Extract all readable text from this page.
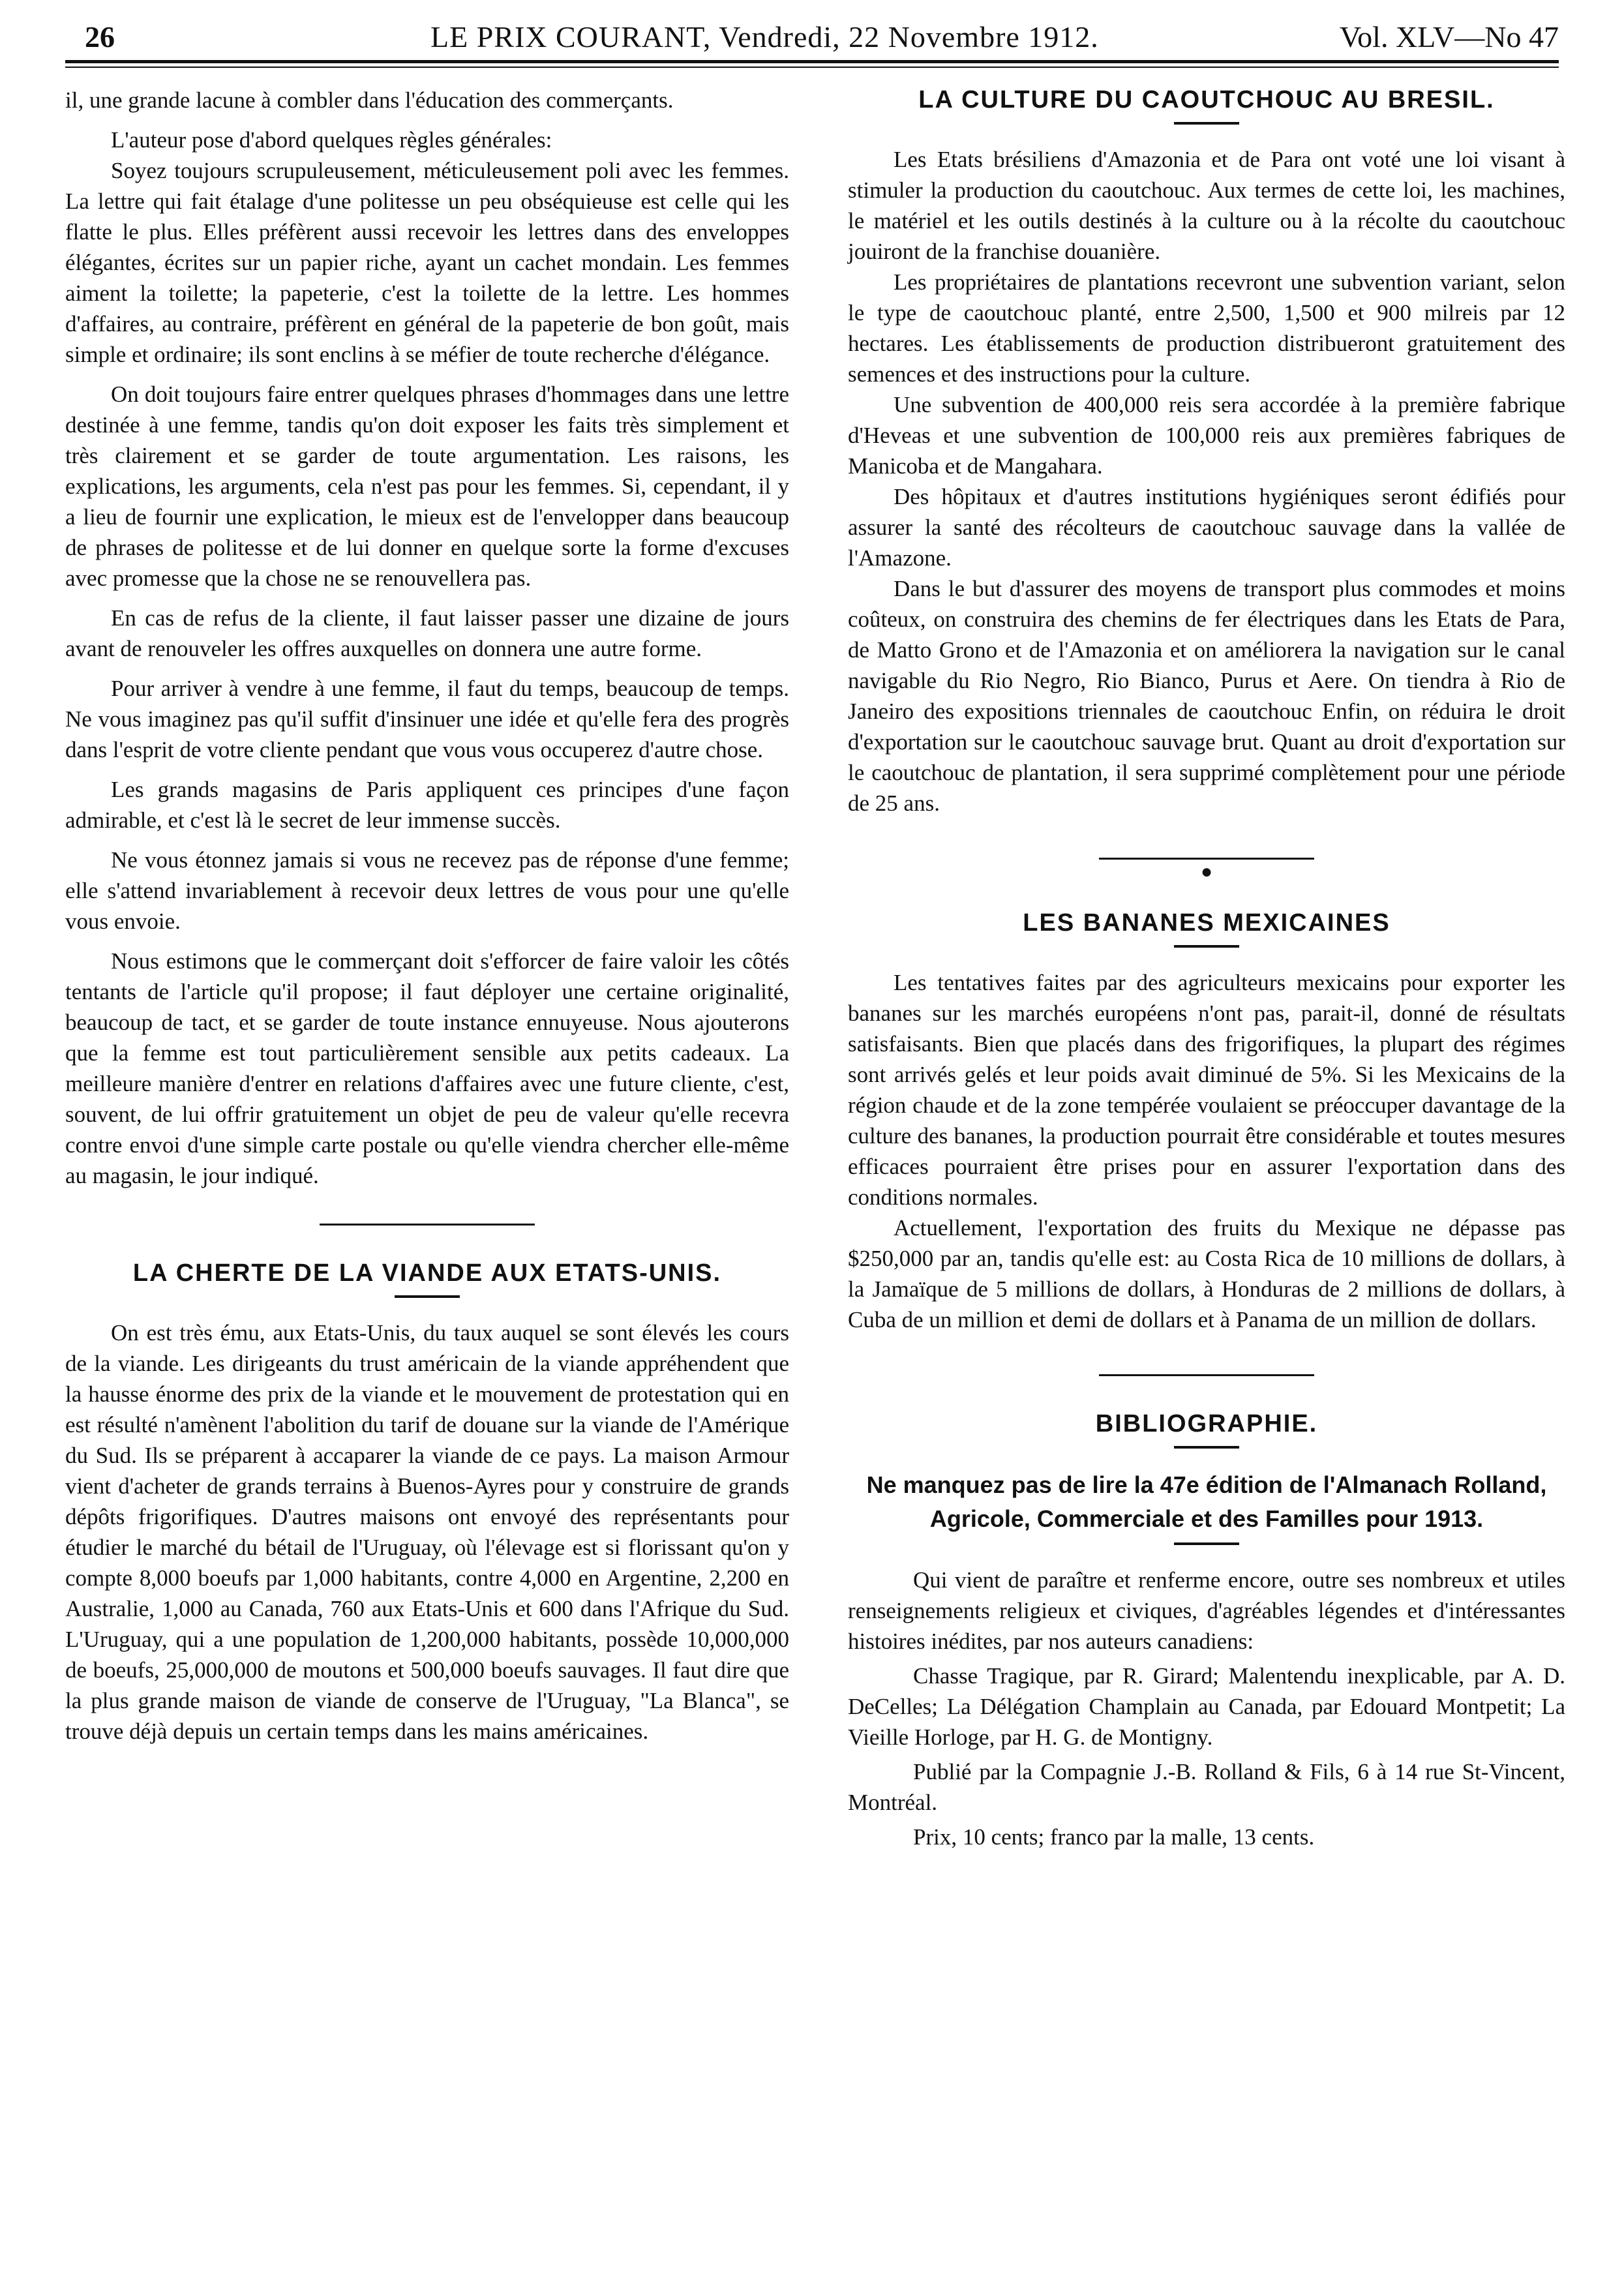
26	LE PRIX COURANT, Vendredi, 22 Novembre 1912.	Vol. XLV—No 47

il, une grande lacune à combler dans l'éducation des commerçants.

L'auteur pose d'abord quelques règles générales:

Soyez toujours scrupuleusement, méticuleusement poli avec les femmes. La lettre qui fait étalage d'une politesse un peu obséquieuse est celle qui les flatte le plus. Elles préfèrent aussi recevoir les lettres dans des enveloppes élégantes, écrites sur un papier riche, ayant un cachet mondain. Les femmes aiment la toilette; la papeterie, c'est la toilette de la lettre. Les hommes d'affaires, au contraire, préfèrent en général de la papeterie de bon goût, mais simple et ordinaire; ils sont enclins à se méfier de toute recherche d'élégance.

On doit toujours faire entrer quelques phrases d'hommages dans une lettre destinée à une femme, tandis qu'on doit exposer les faits très simplement et très clairement et se garder de toute argumentation. Les raisons, les explications, les arguments, cela n'est pas pour les femmes. Si, cependant, il y a lieu de fournir une explication, le mieux est de l'envelopper dans beaucoup de phrases de politesse et de lui donner en quelque sorte la forme d'excuses avec promesse que la chose ne se renouvellera pas.

En cas de refus de la cliente, il faut laisser passer une dizaine de jours avant de renouveler les offres auxquelles on donnera une autre forme.

Pour arriver à vendre à une femme, il faut du temps, beaucoup de temps. Ne vous imaginez pas qu'il suffit d'insinuer une idée et qu'elle fera des progrès dans l'esprit de votre cliente pendant que vous vous occuperez d'autre chose.

Les grands magasins de Paris appliquent ces principes d'une façon admirable, et c'est là le secret de leur immense succès.

Ne vous étonnez jamais si vous ne recevez pas de réponse d'une femme; elle s'attend invariablement à recevoir deux lettres de vous pour une qu'elle vous envoie.

Nous estimons que le commerçant doit s'efforcer de faire valoir les côtés tentants de l'article qu'il propose; il faut déployer une certaine originalité, beaucoup de tact, et se garder de toute instance ennuyeuse. Nous ajouterons que la femme est tout particulièrement sensible aux petits cadeaux. La meilleure manière d'entrer en relations d'affaires avec une future cliente, c'est, souvent, de lui offrir gratuitement un objet de peu de valeur qu'elle recevra contre envoi d'une simple carte postale ou qu'elle viendra chercher elle-même au magasin, le jour indiqué.

LA CHERTE DE LA VIANDE AUX ETATS-UNIS.

On est très ému, aux Etats-Unis, du taux auquel se sont élevés les cours de la viande. Les dirigeants du trust américain de la viande appréhendent que la hausse énorme des prix de la viande et le mouvement de protestation qui en est résulté n'amènent l'abolition du tarif de douane sur la viande de l'Amérique du Sud. Ils se préparent à accaparer la viande de ce pays. La maison Armour vient d'acheter de grands terrains à Buenos-Ayres pour y construire de grands dépôts frigorifiques. D'autres maisons ont envoyé des représentants pour étudier le marché du bétail de l'Uruguay, où l'élevage est si florissant qu'on y compte 8,000 boeufs par 1,000 habitants, contre 4,000 en Argentine, 2,200 en Australie, 1,000 au Canada, 760 aux Etats-Unis et 600 dans l'Afrique du Sud. L'Uruguay, qui a une population de 1,200,000 habitants, possède 10,000,000 de boeufs, 25,000,000 de moutons et 500,000 boeufs sauvages. Il faut dire que la plus grande maison de viande de conserve de l'Uruguay, "La Blanca", se trouve déjà depuis un certain temps dans les mains américaines.

LA CULTURE DU CAOUTCHOUC AU BRESIL.

Les Etats brésiliens d'Amazonia et de Para ont voté une loi visant à stimuler la production du caoutchouc. Aux termes de cette loi, les machines, le matériel et les outils destinés à la culture ou à la récolte du caoutchouc jouiront de la franchise douanière.

Les propriétaires de plantations recevront une subvention variant, selon le type de caoutchouc planté, entre 2,500, 1,500 et 900 milreis par 12 hectares. Les établissements de production distribueront gratuitement des semences et des instructions pour la culture.

Une subvention de 400,000 reis sera accordée à la première fabrique d'Heveas et une subvention de 100,000 reis aux premières fabriques de Manicoba et de Mangahara.

Des hôpitaux et d'autres institutions hygiéniques seront édifiés pour assurer la santé des récolteurs de caoutchouc sauvage dans la vallée de l'Amazone.

Dans le but d'assurer des moyens de transport plus commodes et moins coûteux, on construira des chemins de fer électriques dans les Etats de Para, de Matto Grono et de l'Amazonia et on améliorera la navigation sur le canal navigable du Rio Negro, Rio Bianco, Purus et Aere. On tiendra à Rio de Janeiro des expositions triennales de caoutchouc Enfin, on réduira le droit d'exportation sur le caoutchouc sauvage brut. Quant au droit d'exportation sur le caoutchouc de plantation, il sera supprimé complètement pour une période de 25 ans.

●
LES BANANES MEXICAINES

Les tentatives faites par des agriculteurs mexicains pour exporter les bananes sur les marchés européens n'ont pas, parait-il, donné de résultats satisfaisants. Bien que placés dans des frigorifiques, la plupart des régimes sont arrivés gelés et leur poids avait diminué de 5%. Si les Mexicains de la région chaude et de la zone tempérée voulaient se préoccuper davantage de la culture des bananes, la production pourrait être considérable et toutes mesures efficaces pourraient être prises pour en assurer l'exportation dans des conditions normales.

Actuellement, l'exportation des fruits du Mexique ne dépasse pas $250,000 par an, tandis qu'elle est: au Costa Rica de 10 millions de dollars, à la Jamaïque de 5 millions de dollars, à Honduras de 2 millions de dollars, à Cuba de un million et demi de dollars et à Panama de un million de dollars.

BIBLIOGRAPHIE.
Ne manquez pas de lire la 47e édition de l'Almanach Rolland,
Agricole, Commerciale et des Familles pour 1913.

Qui vient de paraître et renferme encore, outre ses nombreux et utiles renseignements religieux et civiques, d'agréables légendes et d'intéressantes histoires inédites, par nos auteurs canadiens:

Chasse Tragique, par R. Girard; Malentendu inexplicable, par A. D. DeCelles; La Délégation Champlain au Canada, par Edouard Montpetit; La Vieille Horloge, par H. G. de Montigny.

Publié par la Compagnie J.-B. Rolland & Fils, 6 à 14 rue St-Vincent, Montréal.

Prix, 10 cents; franco par la malle, 13 cents.
